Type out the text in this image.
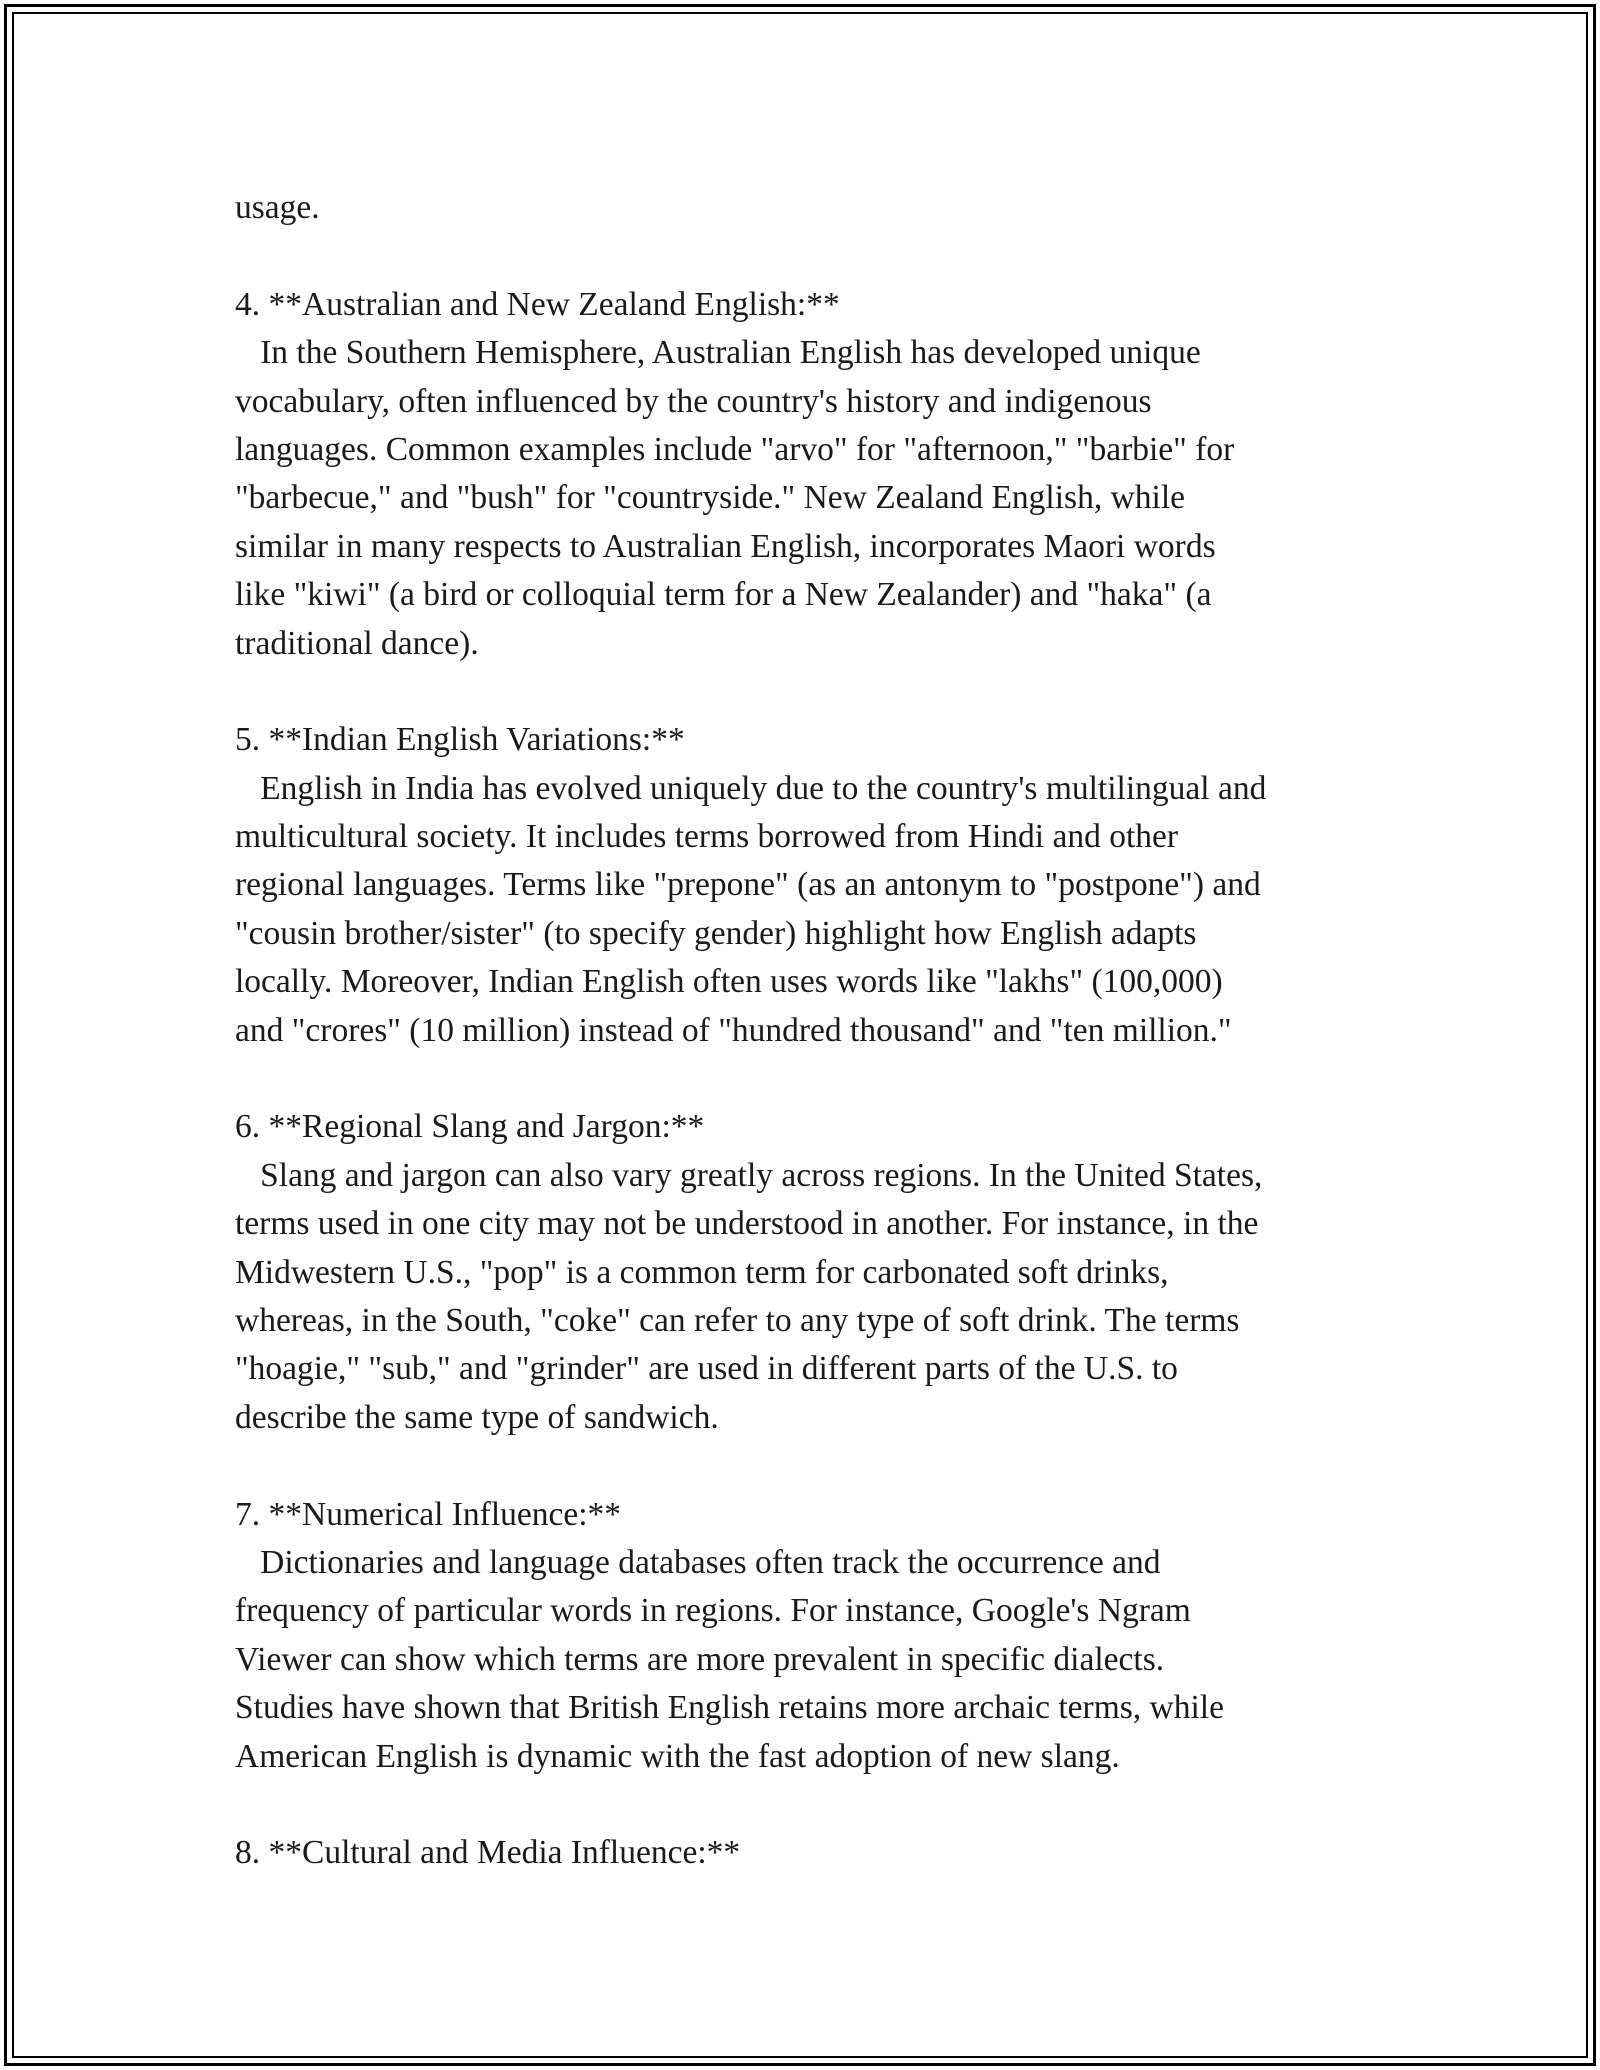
usage.
4. **Australian and New Zealand English:**
In the Southern Hemisphere, Australian English has developed unique
vocabulary, often influenced by the country's history and indigenous
languages. Common examples include "arvo" for "afternoon," "barbie" for
"barbecue," and "bush" for "countryside." New Zealand English, while
similar in many respects to Australian English, incorporates Maori words
like "kiwi" (a bird or colloquial term for a New Zealander) and "haka" (a
traditional dance).
5. **Indian English Variations:**
English in India has evolved uniquely due to the country's multilingual and
multicultural society. It includes terms borrowed from Hindi and other
regional languages. Terms like "prepone" (as an antonym to "postpone") and
"cousin brother/sister" (to specify gender) highlight how English adapts
locally. Moreover, Indian English often uses words like "lakhs" (100,000)
and "crores" (10 million) instead of "hundred thousand" and "ten million."
6. **Regional Slang and Jargon:**
Slang and jargon can also vary greatly across regions. In the United States,
terms used in one city may not be understood in another. For instance, in the
Midwestern U.S., "pop" is a common term for carbonated soft drinks,
whereas, in the South, "coke" can refer to any type of soft drink. The terms
"hoagie," "sub," and "grinder" are used in different parts of the U.S. to
describe the same type of sandwich.
7. **Numerical Influence:**
Dictionaries and language databases often track the occurrence and
frequency of particular words in regions. For instance, Google's Ngram
Viewer can show which terms are more prevalent in specific dialects.
Studies have shown that British English retains more archaic terms, while
American English is dynamic with the fast adoption of new slang.
8. **Cultural and Media Influence:**
